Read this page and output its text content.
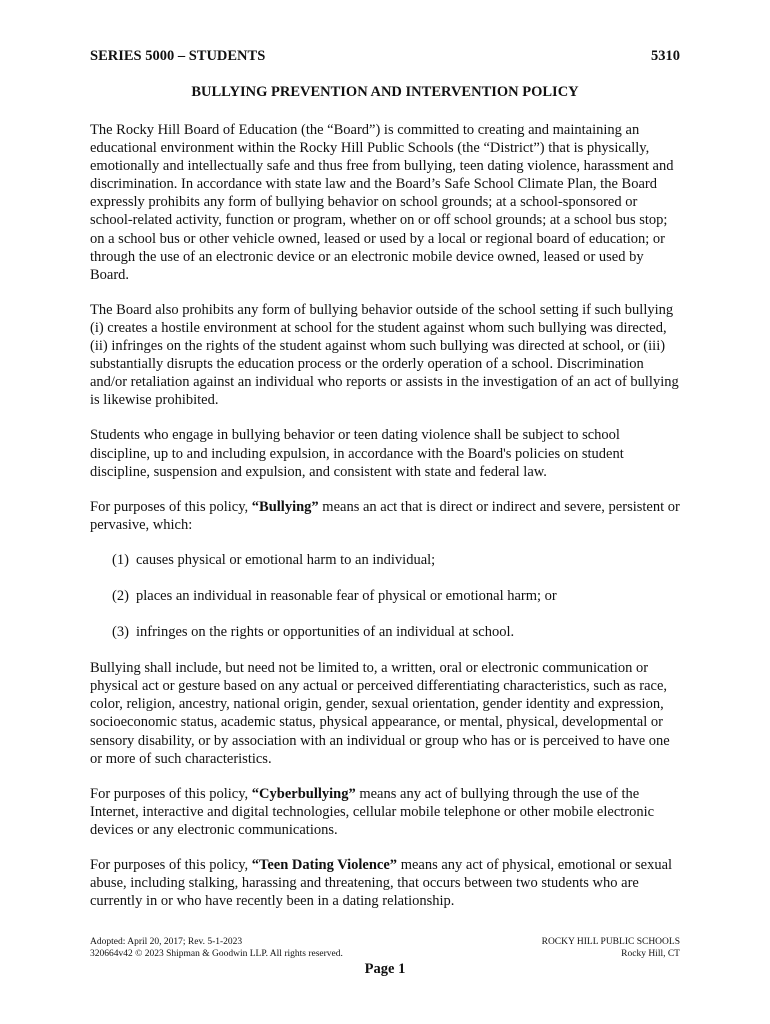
SERIES 5000 – STUDENTS	5310
BULLYING PREVENTION AND INTERVENTION POLICY

The Rocky Hill Board of Education (the “Board”) is committed to creating and maintaining an educational environment within the Rocky Hill Public Schools (the “District”) that is physically, emotionally and intellectually safe and thus free from bullying, teen dating violence, harassment and discrimination. In accordance with state law and the Board’s Safe School Climate Plan, the Board expressly prohibits any form of bullying behavior on school grounds; at a school-sponsored or school-related activity, function or program, whether on or off school grounds; at a school bus stop; on a school bus or other vehicle owned, leased or used by a local or regional board of education; or through the use of an electronic device or an electronic mobile device owned, leased or used by Board.

The Board also prohibits any form of bullying behavior outside of the school setting if such bullying (i) creates a hostile environment at school for the student against whom such bullying was directed, (ii) infringes on the rights of the student against whom such bullying was directed at school, or (iii) substantially disrupts the education process or the orderly operation of a school. Discrimination and/or retaliation against an individual who reports or assists in the investigation of an act of bullying is likewise prohibited.

Students who engage in bullying behavior or teen dating violence shall be subject to school discipline, up to and including expulsion, in accordance with the Board's policies on student discipline, suspension and expulsion, and consistent with state and federal law.

For purposes of this policy, “Bullying” means an act that is direct or indirect and severe, persistent or pervasive, which:

(1) causes physical or emotional harm to an individual;
(2) places an individual in reasonable fear of physical or emotional harm; or
(3) infringes on the rights or opportunities of an individual at school.

Bullying shall include, but need not be limited to, a written, oral or electronic communication or physical act or gesture based on any actual or perceived differentiating characteristics, such as race, color, religion, ancestry, national origin, gender, sexual orientation, gender identity and expression, socioeconomic status, academic status, physical appearance, or mental, physical, developmental or sensory disability, or by association with an individual or group who has or is perceived to have one or more of such characteristics.

For purposes of this policy, “Cyberbullying” means any act of bullying through the use of the Internet, interactive and digital technologies, cellular mobile telephone or other mobile electronic devices or any electronic communications.

For purposes of this policy, “Teen Dating Violence” means any act of physical, emotional or sexual abuse, including stalking, harassing and threatening, that occurs between two students who are currently in or who have recently been in a dating relationship.

Adopted: April 20, 2017; Rev. 5-1-2023
320664v42 © 2023 Shipman & Goodwin LLP. All rights reserved.
ROCKY HILL PUBLIC SCHOOLS
Rocky Hill, CT
Page 1
